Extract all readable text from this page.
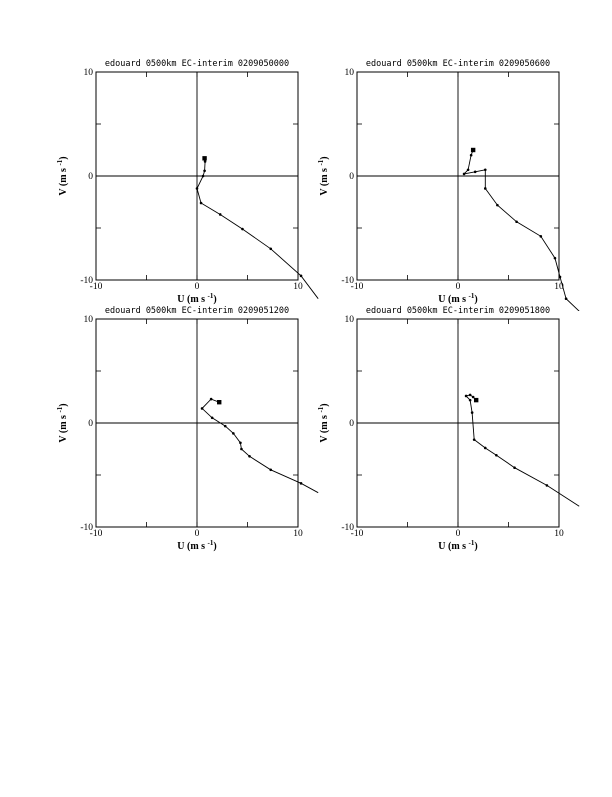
-10	0	10
-10
0
10
edouard 0500km EC-interim 0209050000
U (m s $^{-1}$)
V (m s $^{-1}$)
-10	0	10
-10
0
10
edouard 0500km EC-interim 0209050600
U (m s $^{-1}$)
V (m s $^{-1}$)
-10	0	10
-10
0
10
edouard 0500km EC-interim 0209051200
U (m s $^{-1}$)
V (m s $^{-1}$)
-10	0	10
-10
0
10
edouard 0500km EC-interim 0209051800
U (m s $^{-1}$)
V (m s $^{-1}$)
